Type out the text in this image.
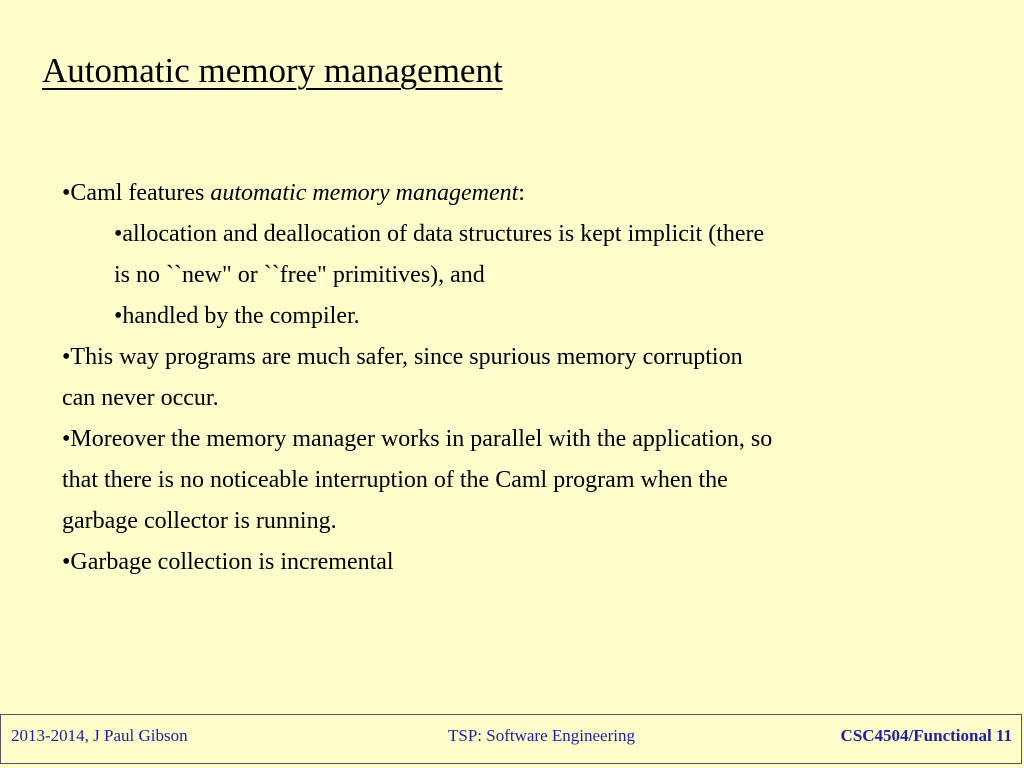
Automatic memory management

•Caml features automatic memory management:

•allocation and deallocation of data structures is kept implicit (there
is no ``new" or ``free" primitives), and

•handled by the compiler.

•This way programs are much safer, since spurious memory corruption
can never occur.

•Moreover the memory manager works in parallel with the application, so
that there is no noticeable interruption of the Caml program when the
garbage collector is running.

•Garbage collection is incremental

2013-2014, J Paul Gibson	TSP: Software Engineering	CSC4504/Functional 11
